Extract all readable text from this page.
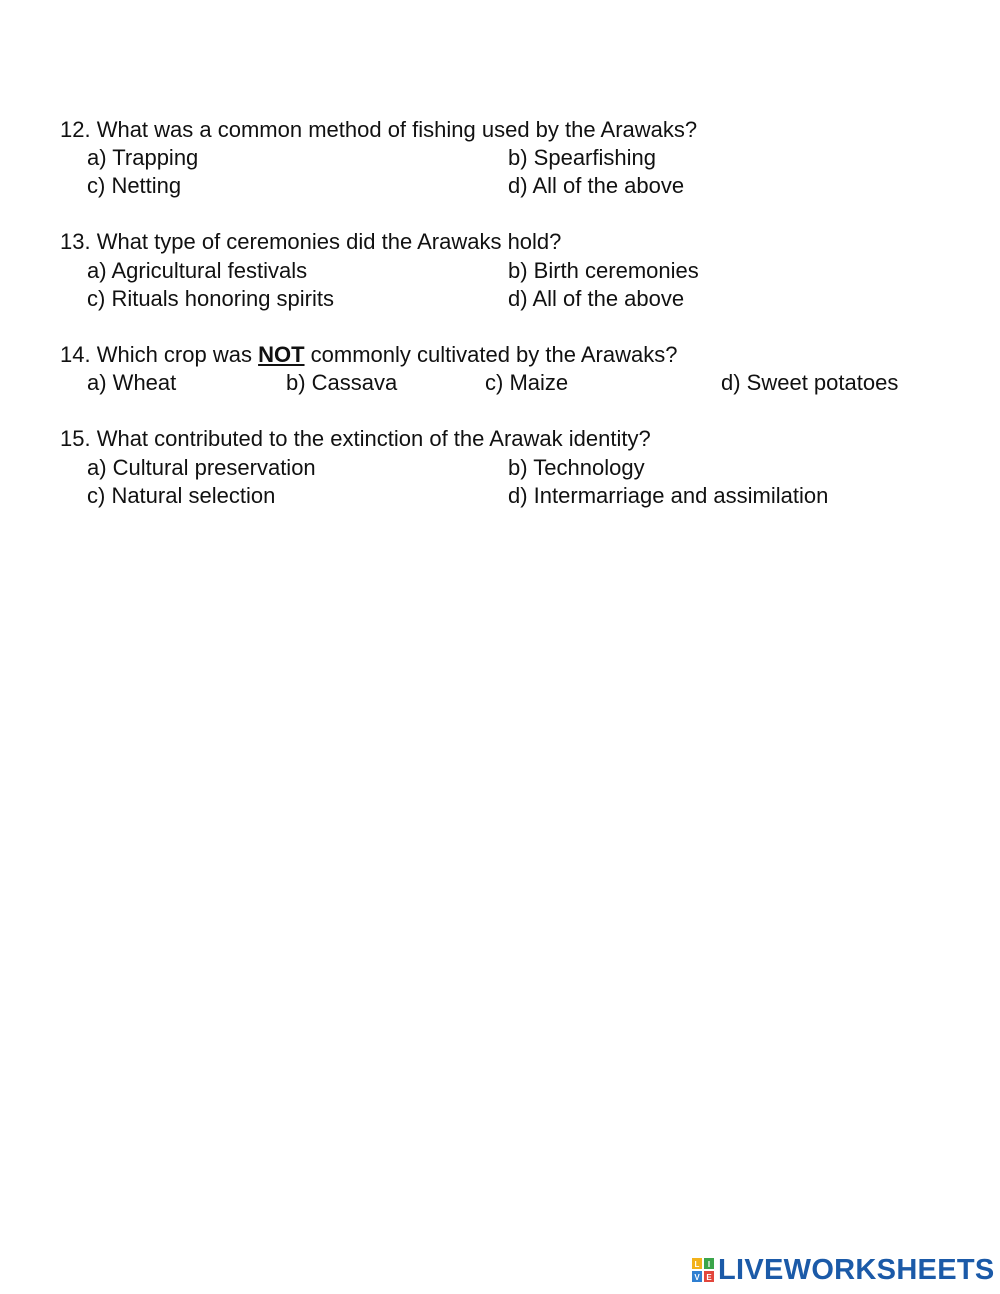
12. What was a common method of fishing used by the Arawaks?
a) Trapping	b) Spearfishing
c) Netting	d) All of the above
13. What type of ceremonies did the Arawaks hold?
a) Agricultural festivals	b) Birth ceremonies
c) Rituals honoring spirits	d) All of the above
14. Which crop was NOT commonly cultivated by the Arawaks?
a) Wheat	b) Cassava	c) Maize	d) Sweet potatoes
15. What contributed to the extinction of the Arawak identity?
a) Cultural preservation	b) Technology
c) Natural selection	d) Intermarriage and assimilation
L I
V E LIVEWORKSHEETS
